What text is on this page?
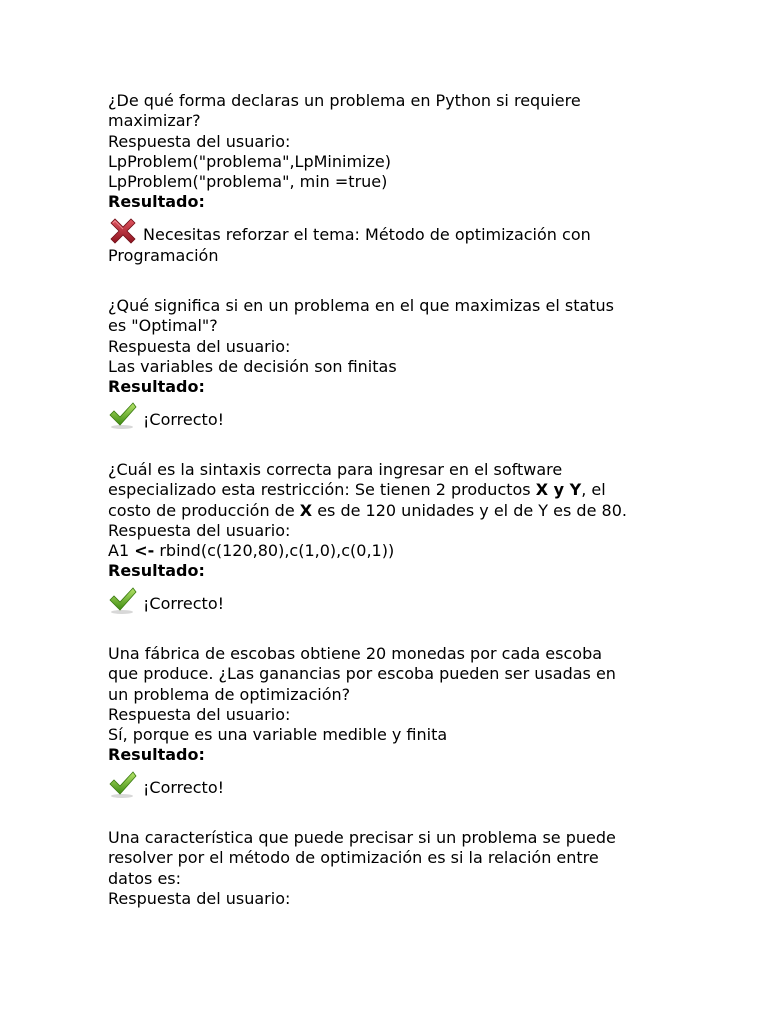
¿De qué forma declaras un problema en Python si requiere
maximizar?
Respuesta del usuario:
LpProblem("problema",LpMinimize)
LpProblem("problema", min =true)
Resultado:
Necesitas reforzar el tema: Método de optimización con
Programación
¿Qué significa si en un problema en el que maximizas el status
es "Optimal"?
Respuesta del usuario:
Las variables de decisión son finitas
Resultado:
¡Correcto!
¿Cuál es la sintaxis correcta para ingresar en el software
especializado esta restricción: Se tienen 2 productos X y Y, el
costo de producción de X es de 120 unidades y el de Y es de 80.
Respuesta del usuario:
A1 <- rbind(c(120,80),c(1,0),c(0,1))
Resultado:
¡Correcto!
Una fábrica de escobas obtiene 20 monedas por cada escoba
que produce. ¿Las ganancias por escoba pueden ser usadas en
un problema de optimización?
Respuesta del usuario:
Sí, porque es una variable medible y finita
Resultado:
¡Correcto!
Una característica que puede precisar si un problema se puede
resolver por el método de optimización es si la relación entre
datos es:
Respuesta del usuario:
